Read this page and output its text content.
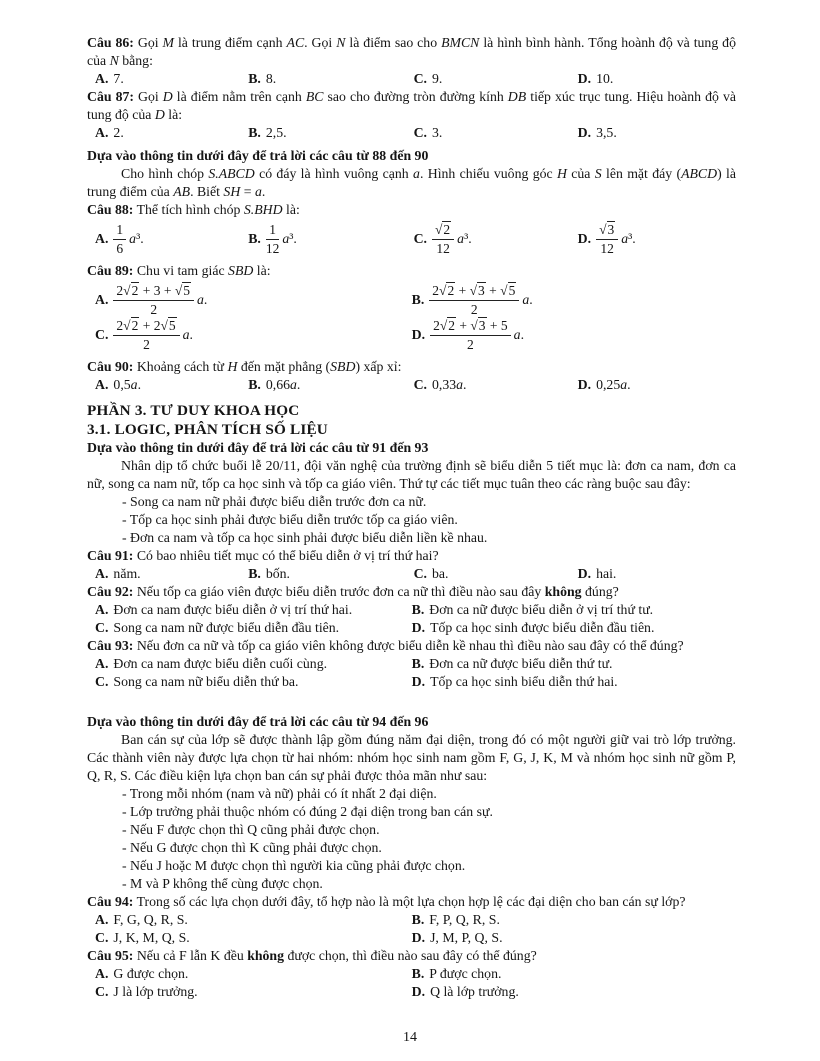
Câu 86: Gọi M là trung điểm cạnh AC. Gọi N là điểm sao cho BMCN là hình bình hành. Tổng hoành độ và tung độ của N bằng:
A. 7.	B. 8.	C. 9.	D. 10.
Câu 87: Gọi D là điểm nằm trên cạnh BC sao cho đường tròn đường kính DB tiếp xúc trục tung. Hiệu hoành độ và tung độ của D là:
A. 2.	B. 2,5.	C. 3.	D. 3,5.
Dựa vào thông tin dưới đây để trả lời các câu từ 88 đến 90
Cho hình chóp S.ABCD có đáy là hình vuông cạnh a. Hình chiếu vuông góc H của S lên mặt đáy (ABCD) là trung điểm của AB. Biết SH = a.
Câu 88: Thể tích hình chóp S.BHD là:
A. $\frac{1}{6} a^3$.	B. $\frac{1}{12} a^3$.	C. $\frac{√2}{12} a^3$.	D. $\frac{√3}{12} a^3$.
Câu 89: Chu vi tam giác SBD là:
A. $\frac{2√2 + 3 + √5}{2} a$.	B. $\frac{2√2 + √3 + √5}{2} a$.
C. $\frac{2√2 + 2√5}{2} a$.	D. $\frac{2√2 + √3 + 5}{2} a$.
Câu 90: Khoảng cách từ H đến mặt phẳng (SBD) xấp xỉ:
A. 0,5a.	B. 0,66a.	C. 0,33a.	D. 0,25a.
PHẦN 3. TƯ DUY KHOA HỌC
3.1. LOGIC, PHÂN TÍCH SỐ LIỆU
Dựa vào thông tin dưới đây để trả lời các câu từ 91 đến 93
Nhân dịp tổ chức buổi lễ 20/11, đội văn nghệ của trường định sẽ biểu diễn 5 tiết mục là: đơn ca nam, đơn ca nữ, song ca nam nữ, tốp ca học sinh và tốp ca giáo viên. Thứ tự các tiết mục tuân theo các ràng buộc sau đây:
- Song ca nam nữ phải được biểu diễn trước đơn ca nữ.
- Tốp ca học sinh phải được biểu diễn trước tốp ca giáo viên.
- Đơn ca nam và tốp ca học sinh phải được biểu diễn liền kề nhau.
Câu 91: Có bao nhiêu tiết mục có thể biểu diễn ở vị trí thứ hai?
A. năm.	B. bốn.	C. ba.	D. hai.
Câu 92: Nếu tốp ca giáo viên được biểu diễn trước đơn ca nữ thì điều nào sau đây không đúng?
A. Đơn ca nam được biểu diễn ở vị trí thứ hai.	B. Đơn ca nữ được biểu diễn ở vị trí thứ tư.
C. Song ca nam nữ được biểu diễn đầu tiên.	D. Tốp ca học sinh được biểu diễn đầu tiên.
Câu 93: Nếu đơn ca nữ và tốp ca giáo viên không được biểu diễn kề nhau thì điều nào sau đây có thể đúng?
A. Đơn ca nam được biểu diễn cuối cùng.	B. Đơn ca nữ được biểu diễn thứ tư.
C. Song ca nam nữ biểu diễn thứ ba.	D. Tốp ca học sinh biểu diễn thứ hai.
Dựa vào thông tin dưới đây để trả lời các câu từ 94 đến 96
Ban cán sự của lớp sẽ được thành lập gồm đúng năm đại diện, trong đó có một người giữ vai trò lớp trưởng. Các thành viên này được lựa chọn từ hai nhóm: nhóm học sinh nam gồm F, G, J, K, M và nhóm học sinh nữ gồm P, Q, R, S. Các điều kiện lựa chọn ban cán sự phải được thỏa mãn như sau:
- Trong mỗi nhóm (nam và nữ) phải có ít nhất 2 đại diện.
- Lớp trưởng phải thuộc nhóm có đúng 2 đại diện trong ban cán sự.
- Nếu F được chọn thì Q cũng phải được chọn.
- Nếu G được chọn thì K cũng phải được chọn.
- Nếu J hoặc M được chọn thì người kia cũng phải được chọn.
- M và P không thể cùng được chọn.
Câu 94: Trong số các lựa chọn dưới đây, tổ hợp nào là một lựa chọn hợp lệ các đại diện cho ban cán sự lớp?
A. F, G, Q, R, S.	B. F, P, Q, R, S.
C. J, K, M, Q, S.	D. J, M, P, Q, S.
Câu 95: Nếu cả F lẫn K đều không được chọn, thì điều nào sau đây có thể đúng?
A. G được chọn.	B. P được chọn.
C. J là lớp trưởng.	D. Q là lớp trưởng.
14
